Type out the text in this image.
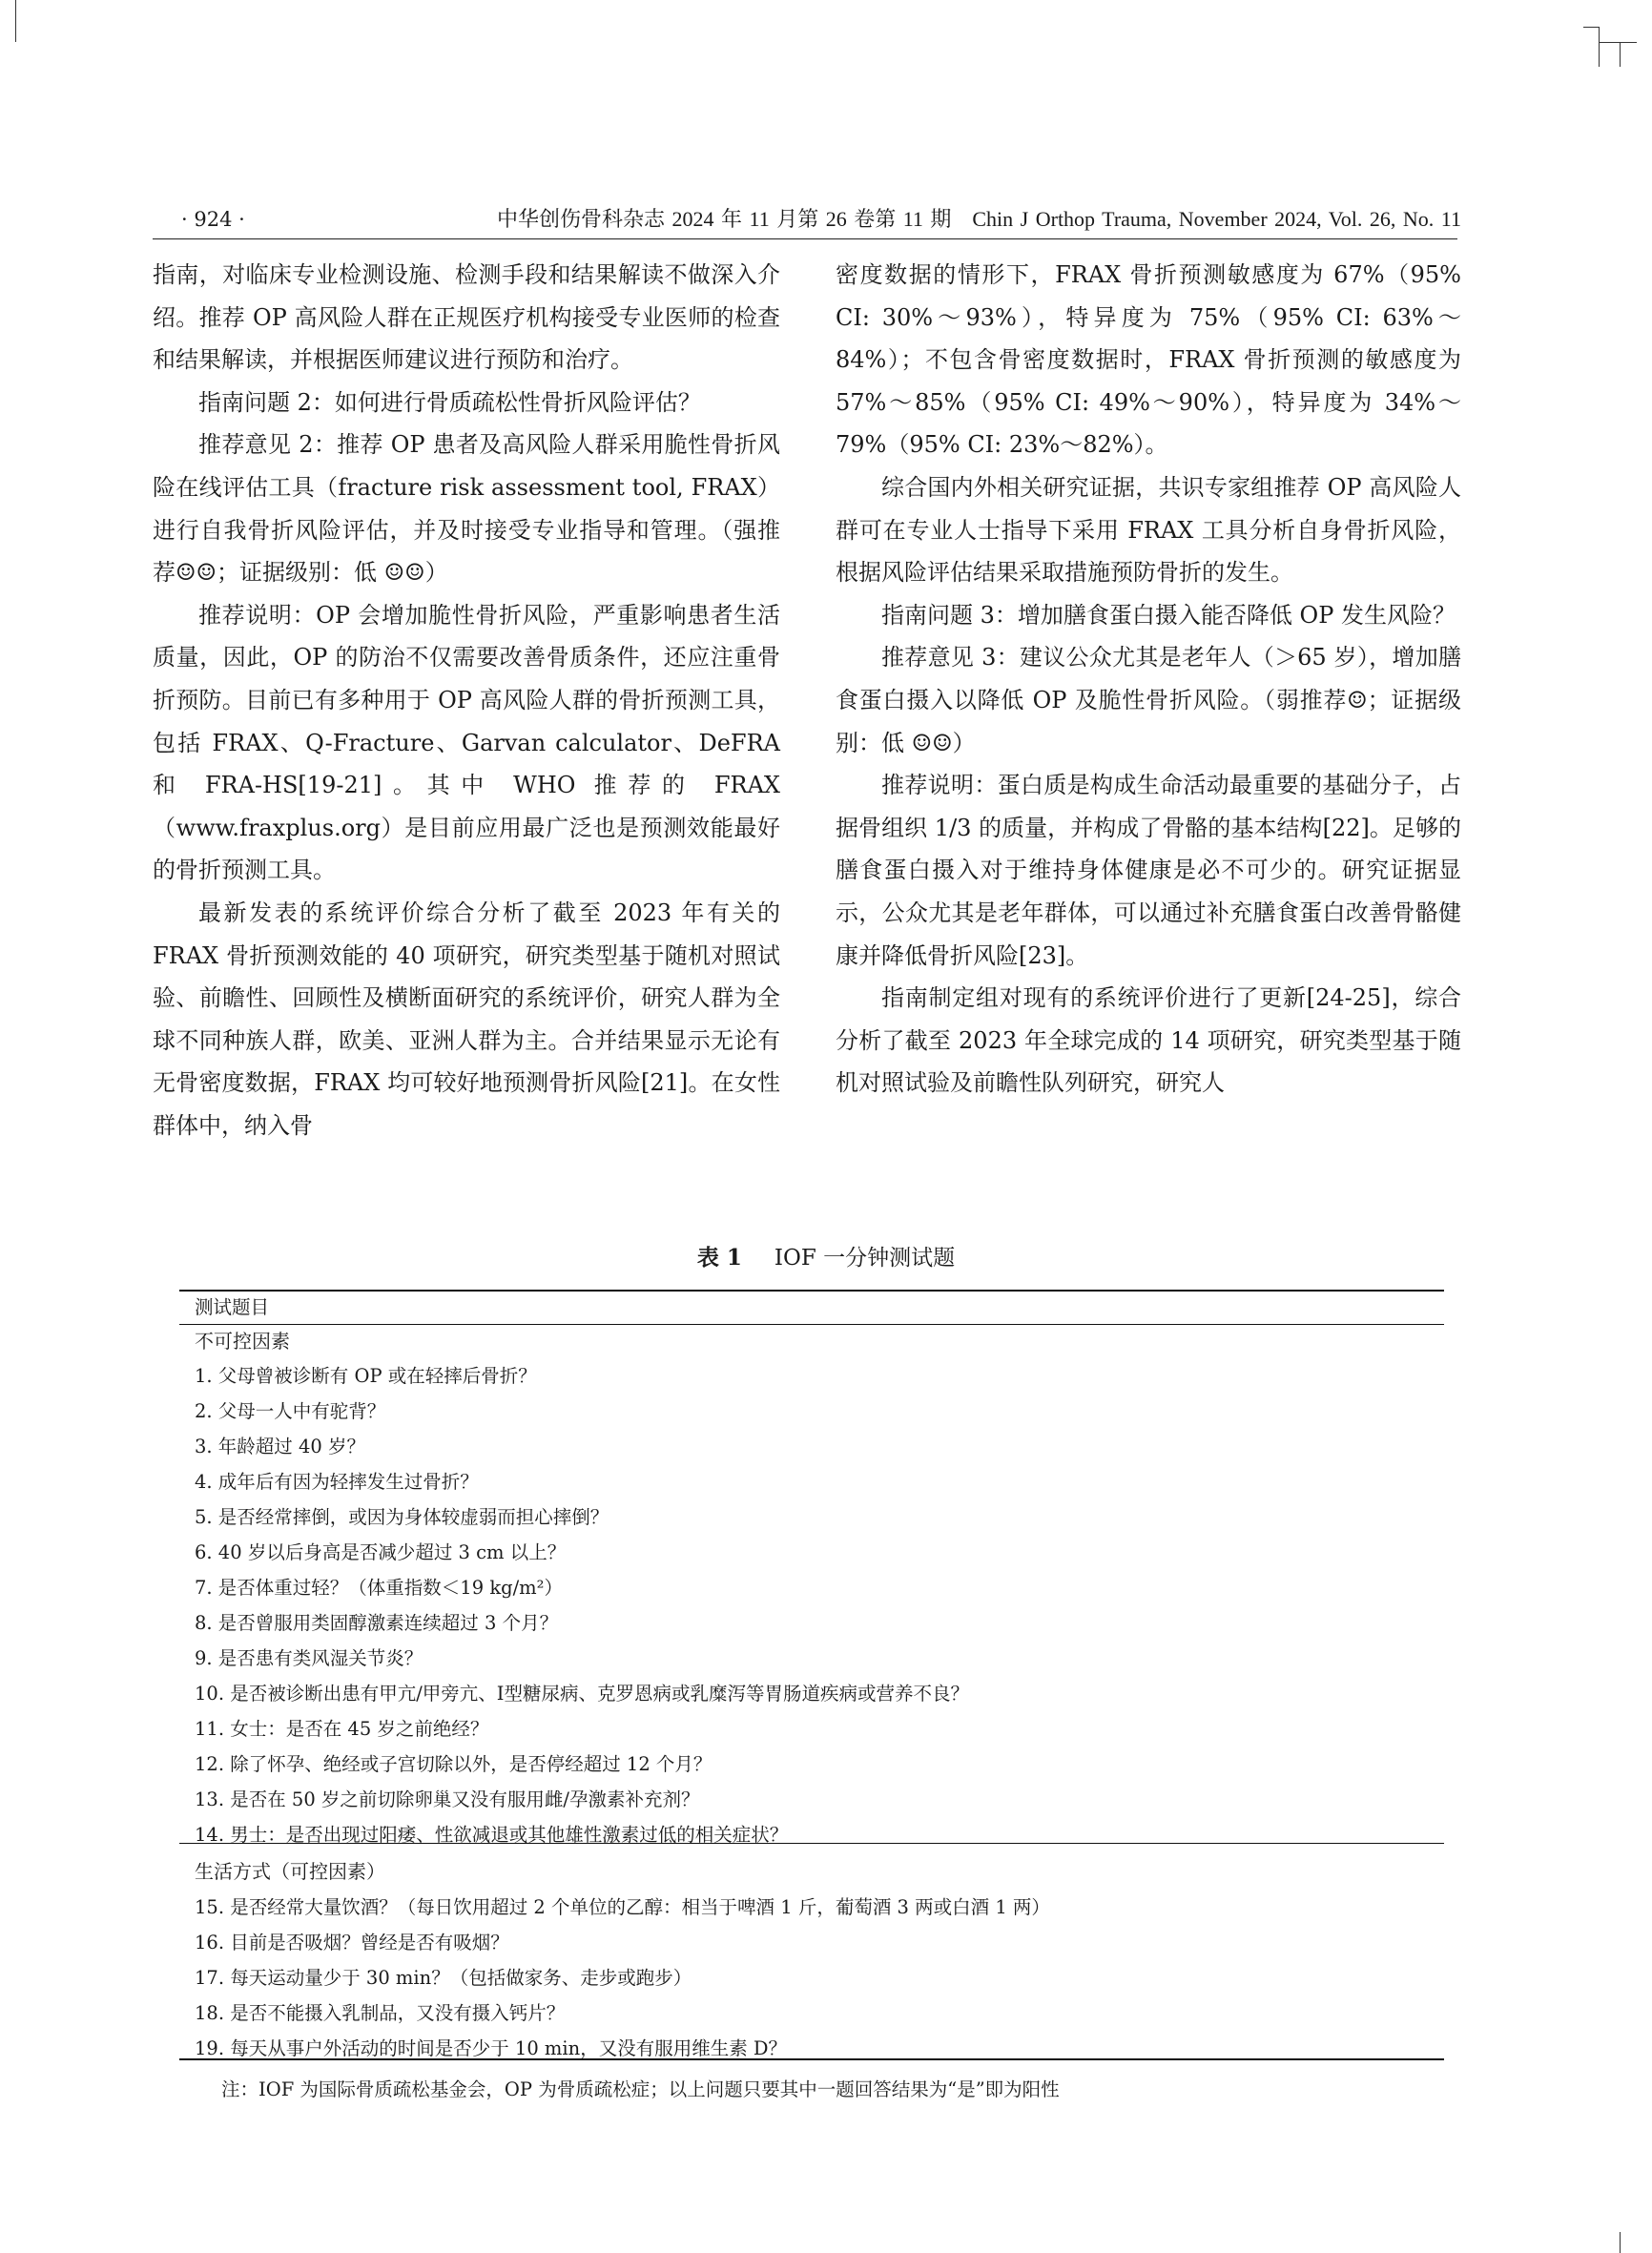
· 924 ·	中华创伤骨科杂志 2024 年 11 月第 26 卷第 11 期　Chin J Orthop Trauma, November 2024, Vol. 26, No. 11

指南，对临床专业检测设施、检测手段和结果解读不做深入介绍。推荐 OP 高风险人群在正规医疗机构接受专业医师的检查和结果解读，并根据医师建议进行预防和治疗。

指南问题 2：如何进行骨质疏松性骨折风险评估？

推荐意见 2：推荐 OP 患者及高风险人群采用脆性骨折风险在线评估工具（fracture risk assessment tool, FRAX）进行自我骨折风险评估，并及时接受专业指导和管理。（强推荐☺☺；证据级别：低 ☺☺）

推荐说明：OP 会增加脆性骨折风险，严重影响患者生活质量，因此，OP 的防治不仅需要改善骨质条件，还应注重骨折预防。目前已有多种用于 OP 高风险人群的骨折预测工具，包括 FRAX、Q-Fracture、Garvan calculator、DeFRA 和 FRA-HS[19-21]。其中 WHO 推荐的 FRAX（www.fraxplus.org）是目前应用最广泛也是预测效能最好的骨折预测工具。

最新发表的系统评价综合分析了截至 2023 年有关的 FRAX 骨折预测效能的 40 项研究，研究类型基于随机对照试验、前瞻性、回顾性及横断面研究的系统评价，研究人群为全球不同种族人群，欧美、亚洲人群为主。合并结果显示无论有无骨密度数据，FRAX 均可较好地预测骨折风险[21]。在女性群体中，纳入骨

密度数据的情形下，FRAX 骨折预测敏感度为 67%（95% CI: 30%～93%），特异度为 75%（95% CI: 63%～84%）；不包含骨密度数据时，FRAX 骨折预测的敏感度为 57%～85%（95% CI: 49%～90%），特异度为 34%～79%（95% CI: 23%～82%）。

综合国内外相关研究证据，共识专家组推荐 OP 高风险人群可在专业人士指导下采用 FRAX 工具分析自身骨折风险，根据风险评估结果采取措施预防骨折的发生。

指南问题 3：增加膳食蛋白摄入能否降低 OP 发生风险？

推荐意见 3：建议公众尤其是老年人（＞65 岁），增加膳食蛋白摄入以降低 OP 及脆性骨折风险。（弱推荐☺；证据级别：低 ☺☺）

推荐说明：蛋白质是构成生命活动最重要的基础分子，占据骨组织 1/3 的质量，并构成了骨骼的基本结构[22]。足够的膳食蛋白摄入对于维持身体健康是必不可少的。研究证据显示，公众尤其是老年群体，可以通过补充膳食蛋白改善骨骼健康并降低骨折风险[23]。

指南制定组对现有的系统评价进行了更新[24-25]，综合分析了截至 2023 年全球完成的 14 项研究，研究类型基于随机对照试验及前瞻性队列研究，研究人

表 1 IOF 一分钟测试题
测试题目
不可控因素
1. 父母曾被诊断有 OP 或在轻摔后骨折？
2. 父母一人中有驼背？
3. 年龄超过 40 岁？
4. 成年后有因为轻摔发生过骨折？
5. 是否经常摔倒，或因为身体较虚弱而担心摔倒？
6. 40 岁以后身高是否减少超过 3 cm 以上？
7. 是否体重过轻？（体重指数＜19 kg/m²）
8. 是否曾服用类固醇激素连续超过 3 个月？
9. 是否患有类风湿关节炎？
10. 是否被诊断出患有甲亢/甲旁亢、Ⅰ型糖尿病、克罗恩病或乳糜泻等胃肠道疾病或营养不良？
11. 女士：是否在 45 岁之前绝经？
12. 除了怀孕、绝经或子宫切除以外，是否停经超过 12 个月？
13. 是否在 50 岁之前切除卵巢又没有服用雌/孕激素补充剂？
14. 男士：是否出现过阳痿、性欲减退或其他雄性激素过低的相关症状？
生活方式（可控因素）
15. 是否经常大量饮酒？（每日饮用超过 2 个单位的乙醇：相当于啤酒 1 斤，葡萄酒 3 两或白酒 1 两）
16. 目前是否吸烟？曾经是否有吸烟？
17. 每天运动量少于 30 min？（包括做家务、走步或跑步）
18. 是否不能摄入乳制品，又没有摄入钙片？
19. 每天从事户外活动的时间是否少于 10 min，又没有服用维生素 D？
注：IOF 为国际骨质疏松基金会，OP 为骨质疏松症；以上问题只要其中一题回答结果为“是”即为阳性
